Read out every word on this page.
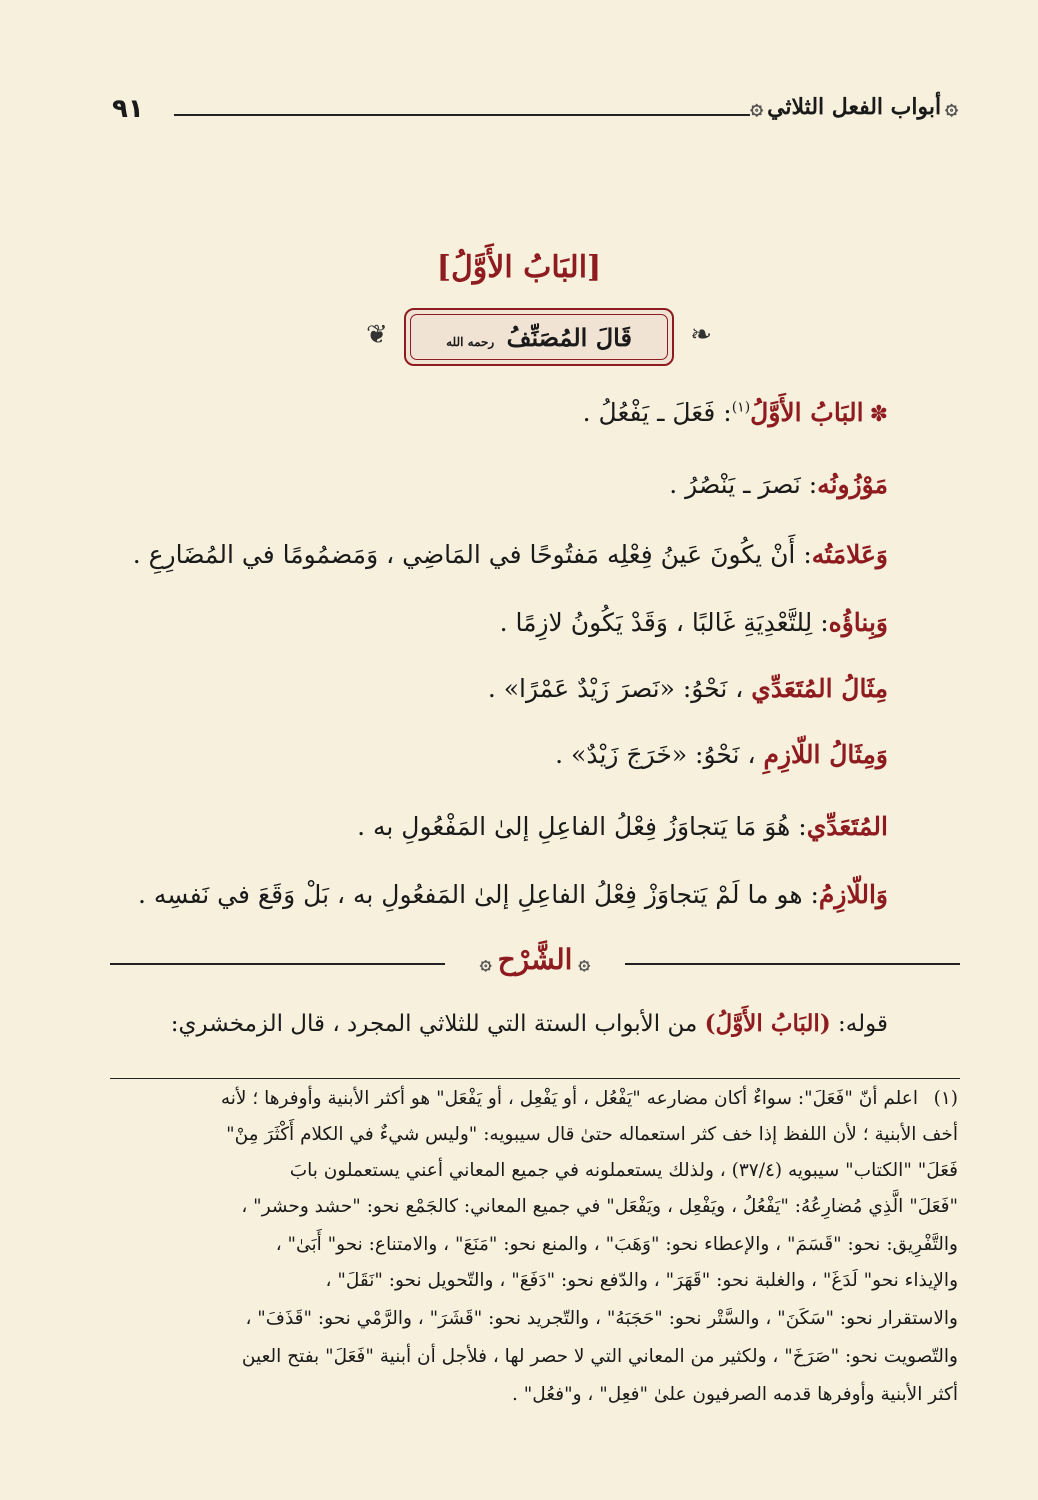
٩١	۞
أبواب الفعل الثلاثي
۞
[البَابُ الأَوَّلُ]
❦	قَالَ المُصَنِّفُ رحمه الله	❧
✽البَابُ الأَوَّلُ$^{(١)}$: فَعَلَ ـ يَفْعُلُ .
مَوْزُونُه: نَصرَ ـ يَنْصُرُ .
وَعَلامَتُه: أَنْ يكُونَ عَينُ فِعْلِه مَفتُوحًا في المَاضِي ، وَمَضمُومًا في المُضَارِعِ .
وَبِناؤُه: لِلتَّعْدِيَةِ غَالبًا ، وَقَدْ يَكُونُ لازِمًا .
مِثَالُ المُتَعَدِّي ، نَحْوُ: «نَصرَ زَيْدٌ عَمْرًا» .
وَمِثَالُ اللّازِمِ ، نَحْوُ: «خَرَجَ زَيْدٌ» .
المُتَعَدِّي: هُوَ مَا يَتجاوَزُ فِعْلُ الفاعِلِ إلىٰ المَفْعُولِ به .
وَاللّازِمُ: هو ما لَمْ يَتجاوَزْ فِعْلُ الفاعِلِ إلىٰ المَفعُولِ به ، بَلْ وَقَعَ في نَفسِه .
۞الشَّرْح۞
قوله: (البَابُ الأَوَّلُ) من الأبواب الستة التي للثلاثي المجرد ، قال الزمخشري:
(١)
اعلم أنّ "فَعَلَ": سواءٌ أكان مضارعه "يَفْعُل ، أو يَفْعِل ، أو يَفْعَل" هو أكثر الأبنية وأوفرها ؛ لأنه
أخف الأبنية ؛ لأن اللفظ إذا خف كثر استعماله حتىٰ قال سيبويه: "وليس شيءٌ في الكلام أَكْثَرَ مِنْ"
فَعَلَ" "الكتاب" سيبويه (٣٧/٤) ، ولذلك يستعملونه في جميع المعاني أعني يستعملون بابَ
"فَعَلَ" الَّذِي مُضارِعُهُ: "يَفْعُلُ ، ويَفْعِل ، ويَفْعَل" في جميع المعاني: كالجَمْع نحو: "حشد وحشر" ،
والتَّفْرِيق: نحو: "قَسَمَ" ، والإعطاء نحو: "وَهَبَ" ، والمنع نحو: "مَنَعَ" ، والامتناع: نحو" أَبَىٰ" ،
والإيذاء نحو" لَدَغَ" ، والغلبة نحو: "قَهَرَ" ، والدّفع نحو: "دَفَعَ" ، والتّحويل نحو: "نَقَلَ" ،
والاستقرار نحو: "سَكَنَ" ، والسَّتْر نحو: "حَجَبَهُ" ، والتّجريد نحو: "قَشَرَ" ، والرَّمْي نحو: "قَذَفَ" ،
والتّصويت نحو: "صَرَخَ" ، ولكثير من المعاني التي لا حصر لها ، فلأجل أن أبنية "فَعَلَ" بفتح العين
أكثر الأبنية وأوفرها قدمه الصرفيون علىٰ "فعِل" ، و"فعُل" .
